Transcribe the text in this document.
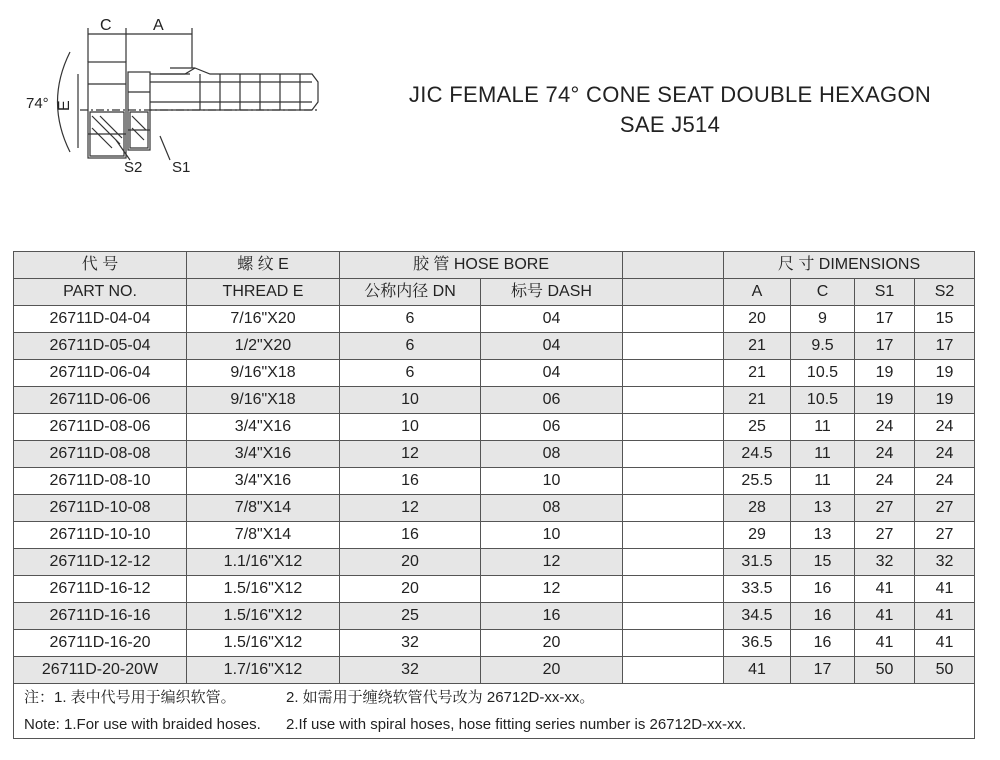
C	A
E
74°
S2 S1
JIC FEMALE 74° CONE SEAT DOUBLE HEXAGON
SAE J514
代 号	螺 纹 E	胶 管 HOSE BORE			尺 寸 DIMENSIONS			
PART NO.	THREAD E	公称内径 DN	标号 DASH		A	C	S1	S2
26711D-04-04	7/16"X20	6	04		20	9	17	15
26711D-05-04	1/2"X20	6	04		21	9.5	17	17
26711D-06-04	9/16"X18	6	04		21	10.5	19	19
26711D-06-06	9/16"X18	10	06		21	10.5	19	19
26711D-08-06	3/4"X16	10	06		25	11	24	24
26711D-08-08	3/4"X16	12	08		24.5	11	24	24
26711D-08-10	3/4"X16	16	10		25.5	11	24	24
26711D-10-08	7/8"X14	12	08		28	13	27	27
26711D-10-10	7/8"X14	16	10		29	13	27	27
26711D-12-12	1.1/16"X12	20	12		31.5	15	32	32
26711D-16-12	1.5/16"X12	20	12		33.5	16	41	41
26711D-16-16	1.5/16"X12	25	16		34.5	16	41	41
26711D-16-20	1.5/16"X12	32	20		36.5	16	41	41
26711D-20-20W	1.7/16"X12	32	20		41	17	50	50
注：1. 表中代号用于编织软管。 2. 如需用于缠绕软管代号改为 26712D-xx-xx。								
Note: 1.For use with braided hoses. 2.If use with spiral hoses, hose fitting series number is 26712D-xx-xx.								
